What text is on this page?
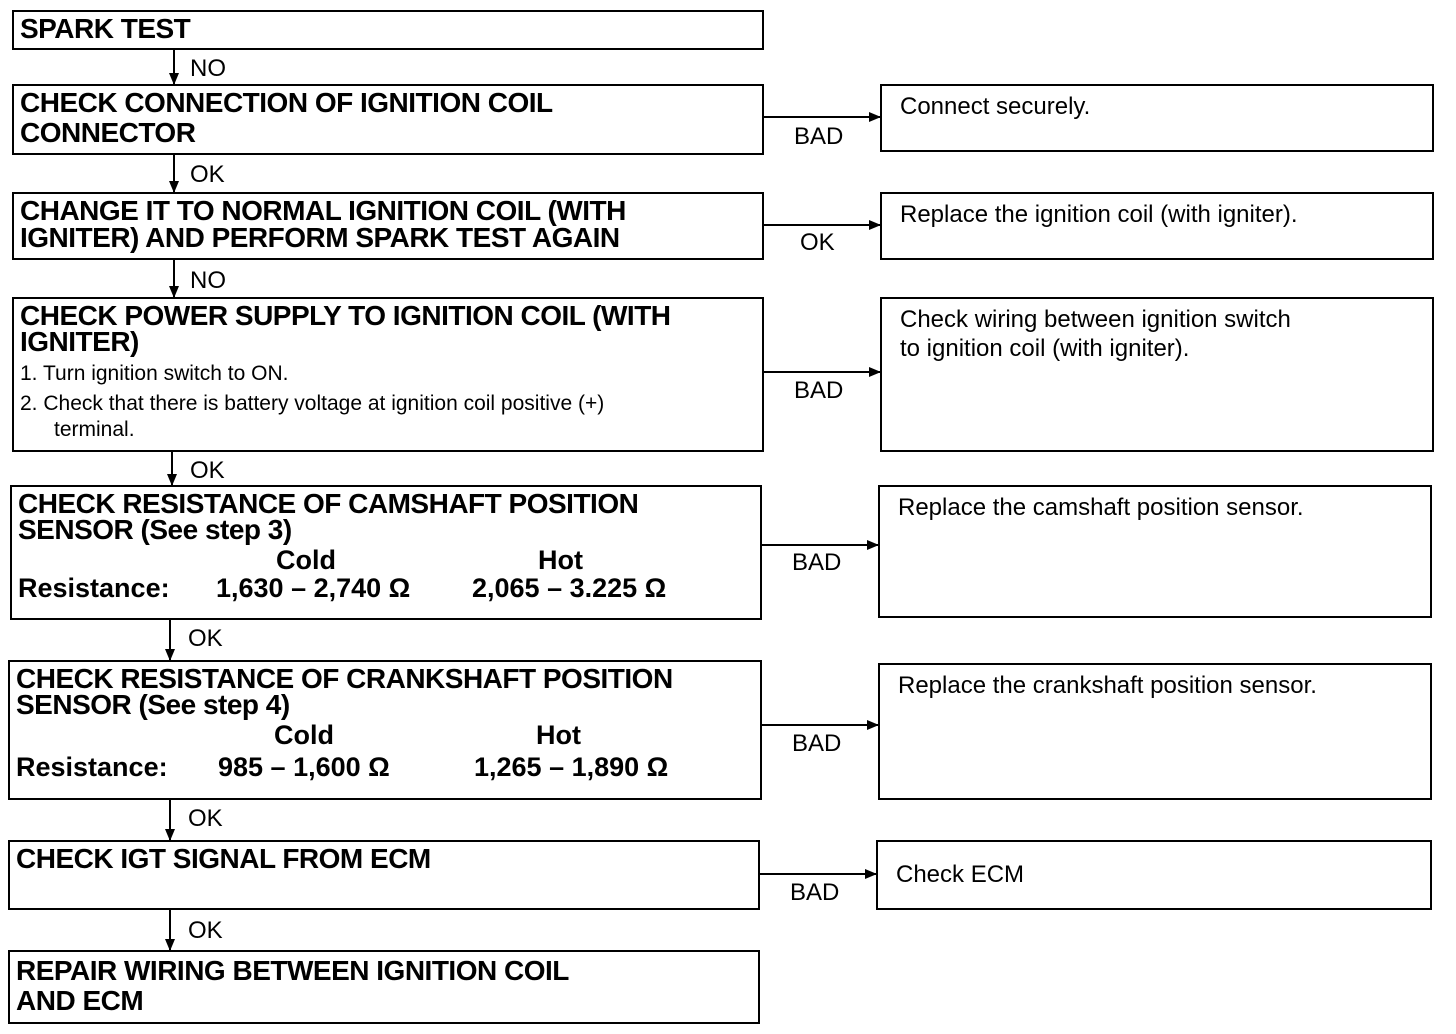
SPARK TEST
CHECK CONNECTION OF IGNITION COIL
CONNECTOR
CHANGE IT TO NORMAL IGNITION COIL (WITH
IGNITER) AND PERFORM SPARK TEST AGAIN
CHECK POWER SUPPLY TO IGNITION COIL (WITH
IGNITER)
1. Turn ignition switch to ON.
2. Check that there is battery voltage at ignition coil positive (+)
terminal.
CHECK RESISTANCE OF CAMSHAFT POSITION
SENSOR (See step 3)
Cold	Hot
Resistance: 1,630 – 2,740 Ω 2,065 – 3.225 Ω
CHECK RESISTANCE OF CRANKSHAFT POSITION
SENSOR (See step 4)
Cold	Hot
Resistance: 985 – 1,600 Ω	1,265 – 1,890 Ω
CHECK IGT SIGNAL FROM ECM
REPAIR WIRING BETWEEN IGNITION COIL
AND ECM
Connect securely.
Replace the ignition coil (with igniter).
Check wiring between ignition switch
to ignition coil (with igniter).
Replace the camshaft position sensor.
Replace the crankshaft position sensor.
Check ECM
NO
OK
NO
OK
OK
OK
OK
BAD
OK
BAD
BAD
BAD
BAD
